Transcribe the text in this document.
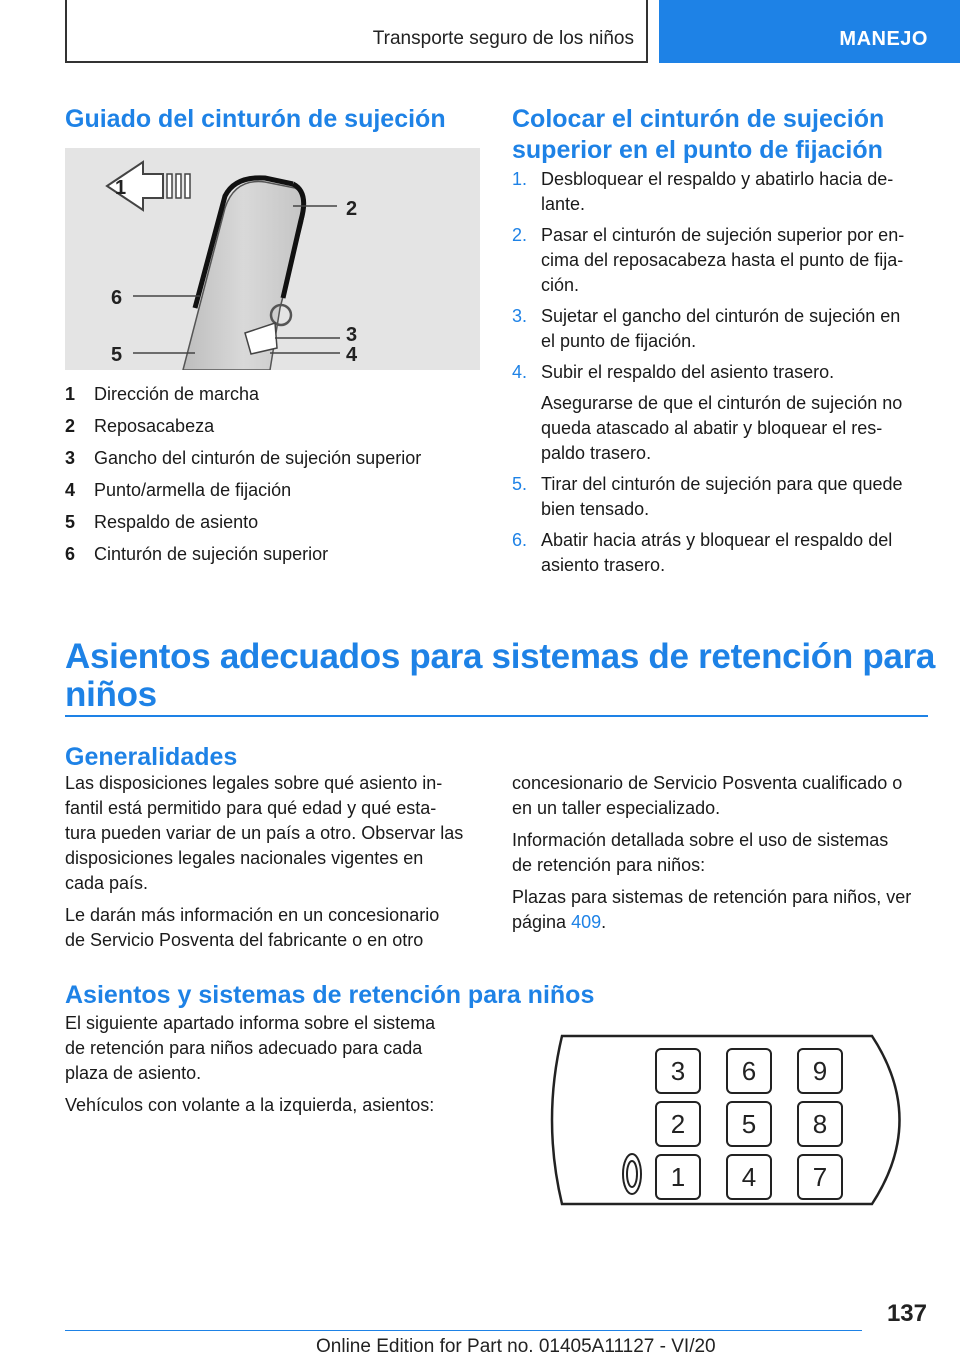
Transporte seguro de los niños	MANEJO
Guiado del cinturón de sujeción
1
2
3
4
5
6
1 Dirección de marcha
2 Reposacabeza
3 Gancho del cinturón de sujeción superior
4 Punto/armella de fijación
5 Respaldo de asiento
6 Cinturón de sujeción superior
Colocar el cinturón de sujeción superior en el punto de fijación
1. Desbloquear el respaldo y abatirlo hacia de-
lante.

2. Pasar el cinturón de sujeción superior por en-
cima del reposacabeza hasta el punto de fija-
ción.

3. Sujetar el gancho del cinturón de sujeción en
el punto de fijación.

4. Subir el respaldo del asiento trasero.

Asegurarse de que el cinturón de sujeción no
queda atascado al abatir y bloquear el res-
paldo trasero.

5. Tirar del cinturón de sujeción para que quede
bien tensado.

6. Abatir hacia atrás y bloquear el respaldo del
asiento trasero.

Asientos adecuados para sistemas de retención para
niños
Generalidades

Las disposiciones legales sobre qué asiento in-
fantil está permitido para qué edad y qué esta-
tura pueden variar de un país a otro. Observar las
disposiciones legales nacionales vigentes en
cada país.

Le darán más información en un concesionario
de Servicio Posventa del fabricante o en otro

concesionario de Servicio Posventa cualificado o
en un taller especializado.

Información detallada sobre el uso de sistemas
de retención para niños:

Plazas para sistemas de retención para niños, ver
página 409.

Asientos y sistemas de retención para niños

El siguiente apartado informa sobre el sistema
de retención para niños adecuado para cada
plaza de asiento.

Vehículos con volante a la izquierda, asientos:

3 6 9
2 5 8
1 4 7
137
Online Edition for Part no. 01405A11127 - VI/20
